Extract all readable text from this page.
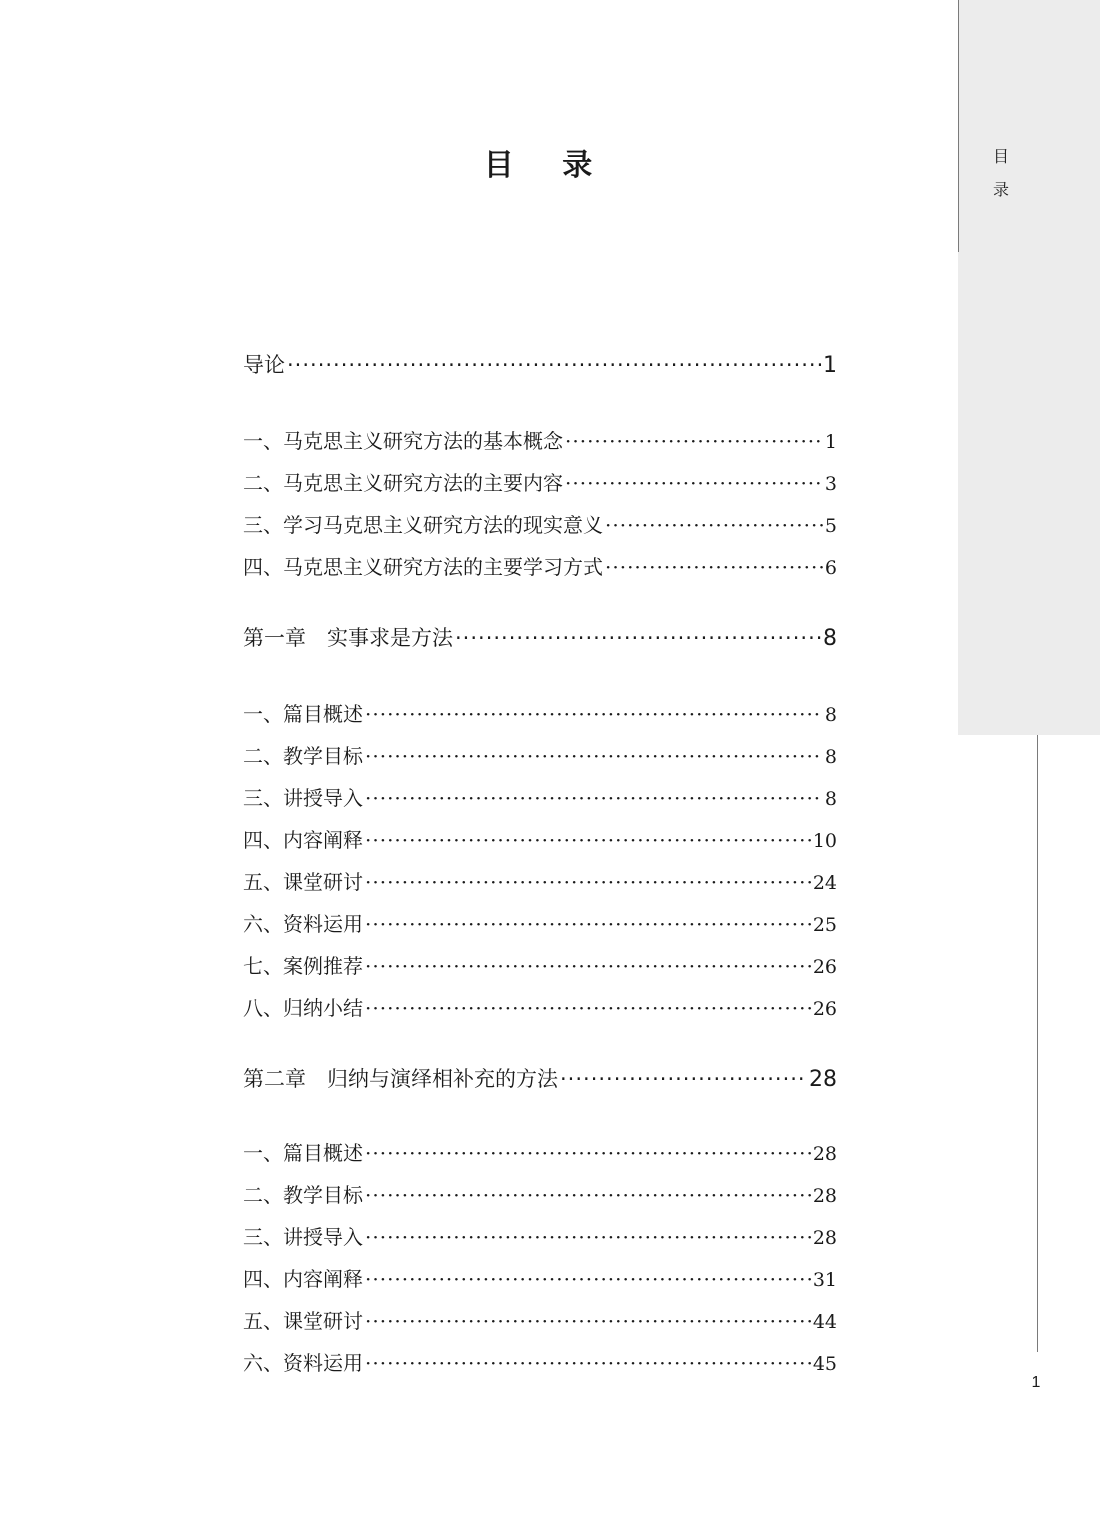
目
录
目 录
导论 ·····	1
一、马克思主义研究方法的基本概念 ·····	1
二、马克思主义研究方法的主要内容 ·····	3
三、学习马克思主义研究方法的现实意义 ·····	5
四、马克思主义研究方法的主要学习方式 ·····	6
第一章　实事求是方法 ·····	8
一、篇目概述 ·····	8
二、教学目标 ·····	8
三、讲授导入 ·····	8
四、内容阐释 ·····	10
五、课堂研讨 ·····	24
六、资料运用 ·····	25
七、案例推荐 ·····	26
八、归纳小结 ·····	26
第二章　归纳与演绎相补充的方法 ·····	28
一、篇目概述 ·····	28
二、教学目标 ·····	28
三、讲授导入 ·····	28
四、内容阐释 ·····	31
五、课堂研讨 ·····	44
六、资料运用 ·····	45
1
